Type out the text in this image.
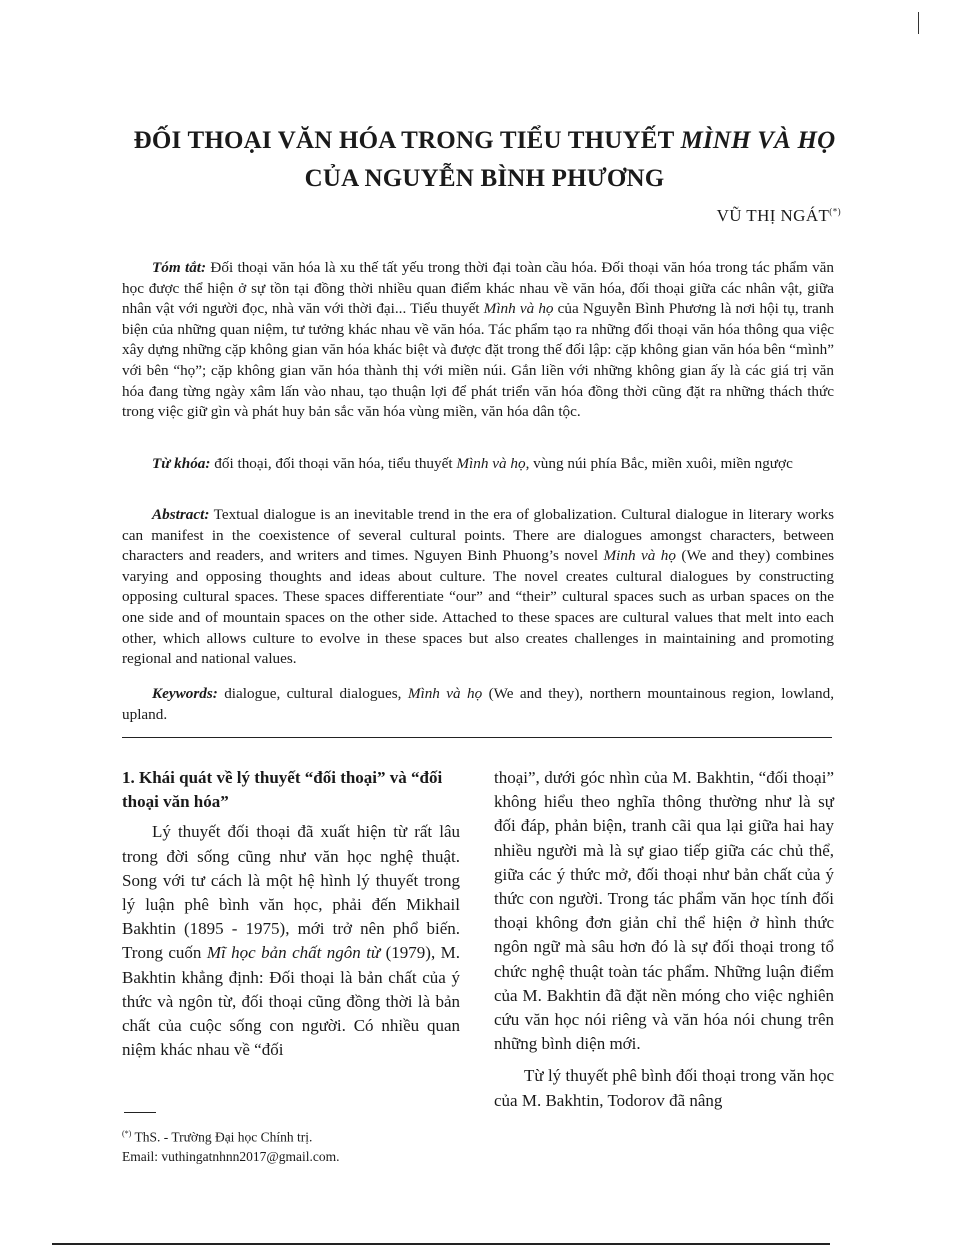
ĐỐI THOẠI VĂN HÓA TRONG TIỂU THUYẾT MÌNH VÀ HỌ
CỦA NGUYỄN BÌNH PHƯƠNG
VŨ THỊ NGÁT(*)

Tóm tắt: Đối thoại văn hóa là xu thế tất yếu trong thời đại toàn cầu hóa. Đối thoại văn hóa trong tác phẩm văn học được thể hiện ở sự tồn tại đồng thời nhiều quan điểm khác nhau về văn hóa, đối thoại giữa các nhân vật, giữa nhân vật với người đọc, nhà văn với thời đại... Tiểu thuyết Mình và họ của Nguyễn Bình Phương là nơi hội tụ, tranh biện của những quan niệm, tư tưởng khác nhau về văn hóa. Tác phẩm tạo ra những đối thoại văn hóa thông qua việc xây dựng những cặp không gian văn hóa khác biệt và được đặt trong thế đối lập: cặp không gian văn hóa bên “mình” với bên “họ”; cặp không gian văn hóa thành thị với miền núi. Gắn liền với những không gian ấy là các giá trị văn hóa đang từng ngày xâm lấn vào nhau, tạo thuận lợi để phát triển văn hóa đồng thời cũng đặt ra những thách thức trong việc giữ gìn và phát huy bản sắc văn hóa vùng miền, văn hóa dân tộc.

Từ khóa: đối thoại, đối thoại văn hóa, tiểu thuyết Mình và họ, vùng núi phía Bắc, miền xuôi, miền ngược

Abstract: Textual dialogue is an inevitable trend in the era of globalization. Cultural dialogue in literary works can manifest in the coexistence of several cultural points. There are dialogues amongst characters, between characters and readers, and writers and times. Nguyen Binh Phuong’s novel Minh và họ (We and they) combines varying and opposing thoughts and ideas about culture. The novel creates cultural dialogues by constructing opposing cultural spaces. These spaces differentiate “our” and “their” cultural spaces such as urban spaces on the one side and of mountain spaces on the other side. Attached to these spaces are cultural values that melt into each other, which allows culture to evolve in these spaces but also creates challenges in maintaining and promoting regional and national values.

Keywords: dialogue, cultural dialogues, Mình và họ (We and they), northern mountainous region, lowland, upland.

1. Khái quát về lý thuyết “đối thoại” và “đối thoại văn hóa”

Lý thuyết đối thoại đã xuất hiện từ rất lâu trong đời sống cũng như văn học nghệ thuật. Song với tư cách là một hệ hình lý thuyết trong lý luận phê bình văn học, phải đến Mikhail Bakhtin (1895 - 1975), mới trở nên phổ biến. Trong cuốn Mĩ học bản chất ngôn từ (1979), M. Bakhtin khẳng định: Đối thoại là bản chất của ý thức và ngôn từ, đối thoại cũng đồng thời là bản chất của cuộc sống con người. Có nhiều quan niệm khác nhau về “đối

thoại”, dưới góc nhìn của M. Bakhtin, “đối thoại” không hiểu theo nghĩa thông thường như là sự đối đáp, phản biện, tranh cãi qua lại giữa hai hay nhiều người mà là sự giao tiếp giữa các chủ thể, giữa các ý thức mở, đối thoại như bản chất của ý thức con người. Trong tác phẩm văn học tính đối thoại không đơn giản chỉ thể hiện ở hình thức ngôn ngữ mà sâu hơn đó là sự đối thoại trong tổ chức nghệ thuật toàn tác phẩm. Những luận điểm của M. Bakhtin đã đặt nền móng cho việc nghiên cứu văn học nói riêng và văn hóa nói chung trên những bình diện mới.

Từ lý thuyết phê bình đối thoại trong văn học của M. Bakhtin, Todorov đã nâng

(*) ThS. - Trường Đại học Chính trị.
Email: vuthingatnhnn2017@gmail.com.
